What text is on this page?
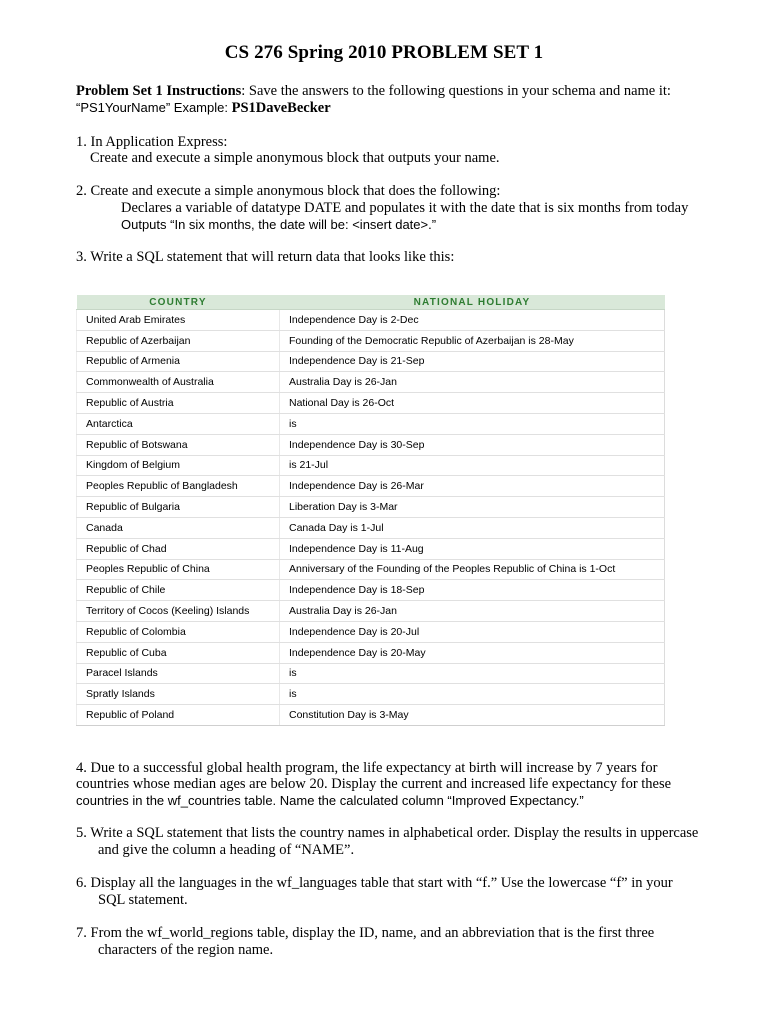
CS 276 Spring 2010 PROBLEM SET 1
Problem Set 1 Instructions: Save the answers to the following questions in your schema and name it:
“PS1YourName” Example: PS1DaveBecker
1. In Application Express:
Create and execute a simple anonymous block that outputs your name.
2. Create and execute a simple anonymous block that does the following:
Declares a variable of datatype DATE and populates it with the date that is six months from today
Outputs “In six months, the date will be: <insert date>.”
3. Write a SQL statement that will return data that looks like this:
COUNTRY	NATIONAL HOLIDAY
United Arab Emirates	Independence Day is 2-Dec
Republic of Azerbaijan	Founding of the Democratic Republic of Azerbaijan is 28-May
Republic of Armenia	Independence Day is 21-Sep
Commonwealth of Australia	Australia Day is 26-Jan
Republic of Austria	National Day is 26-Oct
Antarctica	is
Republic of Botswana	Independence Day is 30-Sep
Kingdom of Belgium	is 21-Jul
Peoples Republic of Bangladesh	Independence Day is 26-Mar
Republic of Bulgaria	Liberation Day is 3-Mar
Canada	Canada Day is 1-Jul
Republic of Chad	Independence Day is 11-Aug
Peoples Republic of China	Anniversary of the Founding of the Peoples Republic of China is 1-Oct
Republic of Chile	Independence Day is 18-Sep
Territory of Cocos (Keeling) Islands	Australia Day is 26-Jan
Republic of Colombia	Independence Day is 20-Jul
Republic of Cuba	Independence Day is 20-May
Paracel Islands	is
Spratly Islands	is
Republic of Poland	Constitution Day is 3-May
4. Due to a successful global health program, the life expectancy at birth will increase by 7 years for
countries whose median ages are below 20. Display the current and increased life expectancy for these
countries in the wf_countries table. Name the calculated column “Improved Expectancy.”
5. Write a SQL statement that lists the country names in alphabetical order. Display the results in uppercase
and give the column a heading of “NAME”.
6. Display all the languages in the wf_languages table that start with “f.” Use the lowercase “f” in your
SQL statement.
7. From the wf_world_regions table, display the ID, name, and an abbreviation that is the first three
characters of the region name.
